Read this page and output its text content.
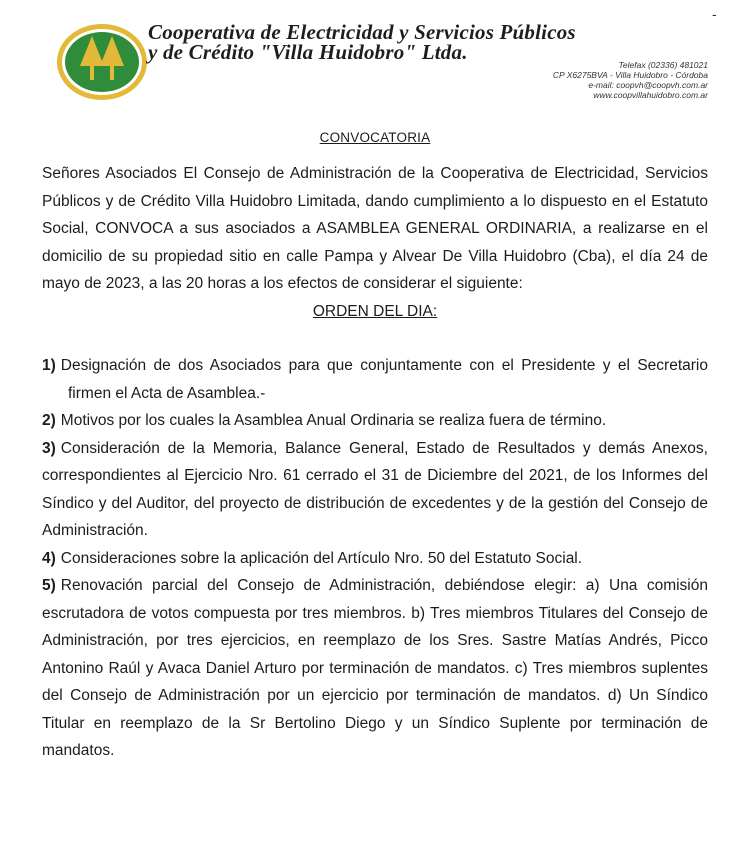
-
Cooperativa de Electricidad y Servicios Públicos
y de Crédito "Villa Huidobro" Ltda.
Telefax (02336) 481021
CP X6275BVA - Villa Huidobro - Córdoba
e-mail: coopvh@coopvh.com.ar
www.coopvillahuidobro.com.ar
CONVOCATORIA

Señores Asociados El Consejo de Administración de la Cooperativa de Electricidad, Servicios Públicos y de Crédito Villa Huidobro Limitada, dando cumplimiento a lo dispuesto en el Estatuto Social, CONVOCA a sus asociados a ASAMBLEA GENERAL ORDINARIA, a realizarse en el domicilio de su propiedad sitio en calle Pampa y Alvear De Villa Huidobro (Cba), el día 24 de mayo de 2023, a las 20 horas a los efectos de considerar el siguiente:

ORDEN DEL DIA:

1) Designación de dos Asociados para que conjuntamente con el Presidente y el Secretario firmen el Acta de Asamblea.-

2) Motivos por los cuales la Asamblea Anual Ordinaria se realiza fuera de término.

3) Consideración de la Memoria, Balance General, Estado de Resultados y demás Anexos, correspondientes al Ejercicio Nro. 61 cerrado el 31 de Diciembre del 2021, de los Informes del Síndico y del Auditor, del proyecto de distribución de excedentes y de la gestión del Consejo de Administración.

4) Consideraciones sobre la aplicación del Artículo Nro. 50 del Estatuto Social.

5) Renovación parcial del Consejo de Administración, debiéndose elegir: a) Una comisión escrutadora de votos compuesta por tres miembros. b) Tres miembros Titulares del Consejo de Administración, por tres ejercicios, en reemplazo de los Sres. Sastre Matías Andrés, Picco Antonino Raúl y Avaca Daniel Arturo por terminación de mandatos. c) Tres miembros suplentes del Consejo de Administración por un ejercicio por terminación de mandatos. d) Un Síndico Titular en reemplazo de la Sr Bertolino Diego y un Síndico Suplente por terminación de mandatos.
